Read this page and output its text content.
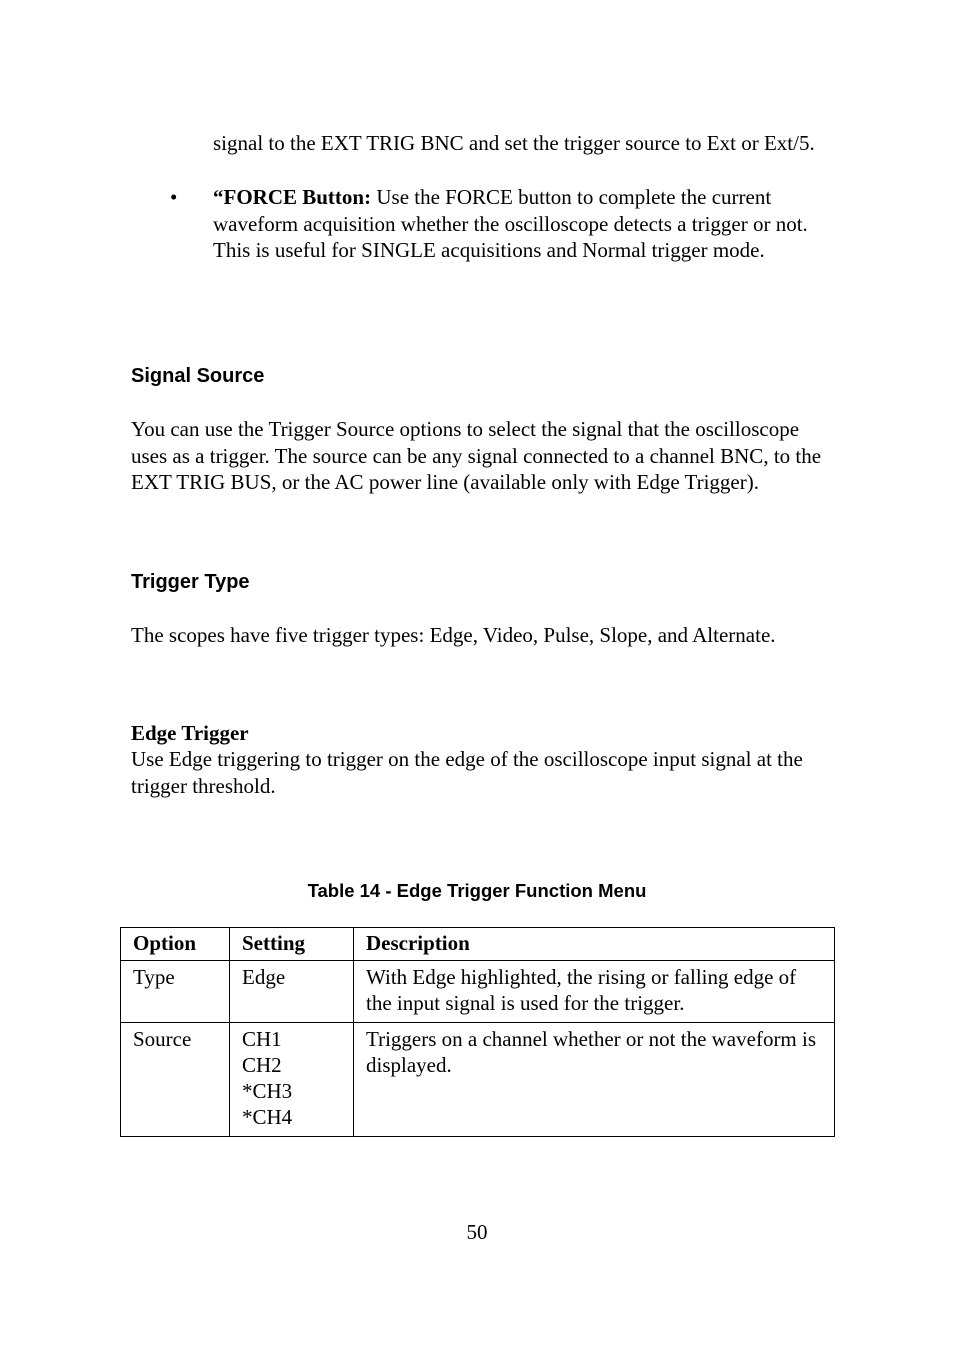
signal to the EXT TRIG BNC and set the trigger source to Ext or Ext/5.

• “FORCE Button: Use the FORCE button to complete the current waveform acquisition whether the oscilloscope detects a trigger or not. This is useful for SINGLE acquisitions and Normal trigger mode.

Signal Source

You can use the Trigger Source options to select the signal that the oscilloscope uses as a trigger. The source can be any signal connected to a channel BNC, to the EXT TRIG BUS, or the AC power line (available only with Edge Trigger).

Trigger Type

The scopes have five trigger types: Edge, Video, Pulse, Slope, and Alternate.

Edge Trigger

Use Edge triggering to trigger on the edge of the oscilloscope input signal at the trigger threshold.

Table 14 - Edge Trigger Function Menu

Option	Setting	Description
Type	Edge	With Edge highlighted, the rising or falling edge of the input signal is used for the trigger.
Source	CH1
CH2
*CH3
*CH4	Triggers on a channel whether or not the waveform is displayed.

50
